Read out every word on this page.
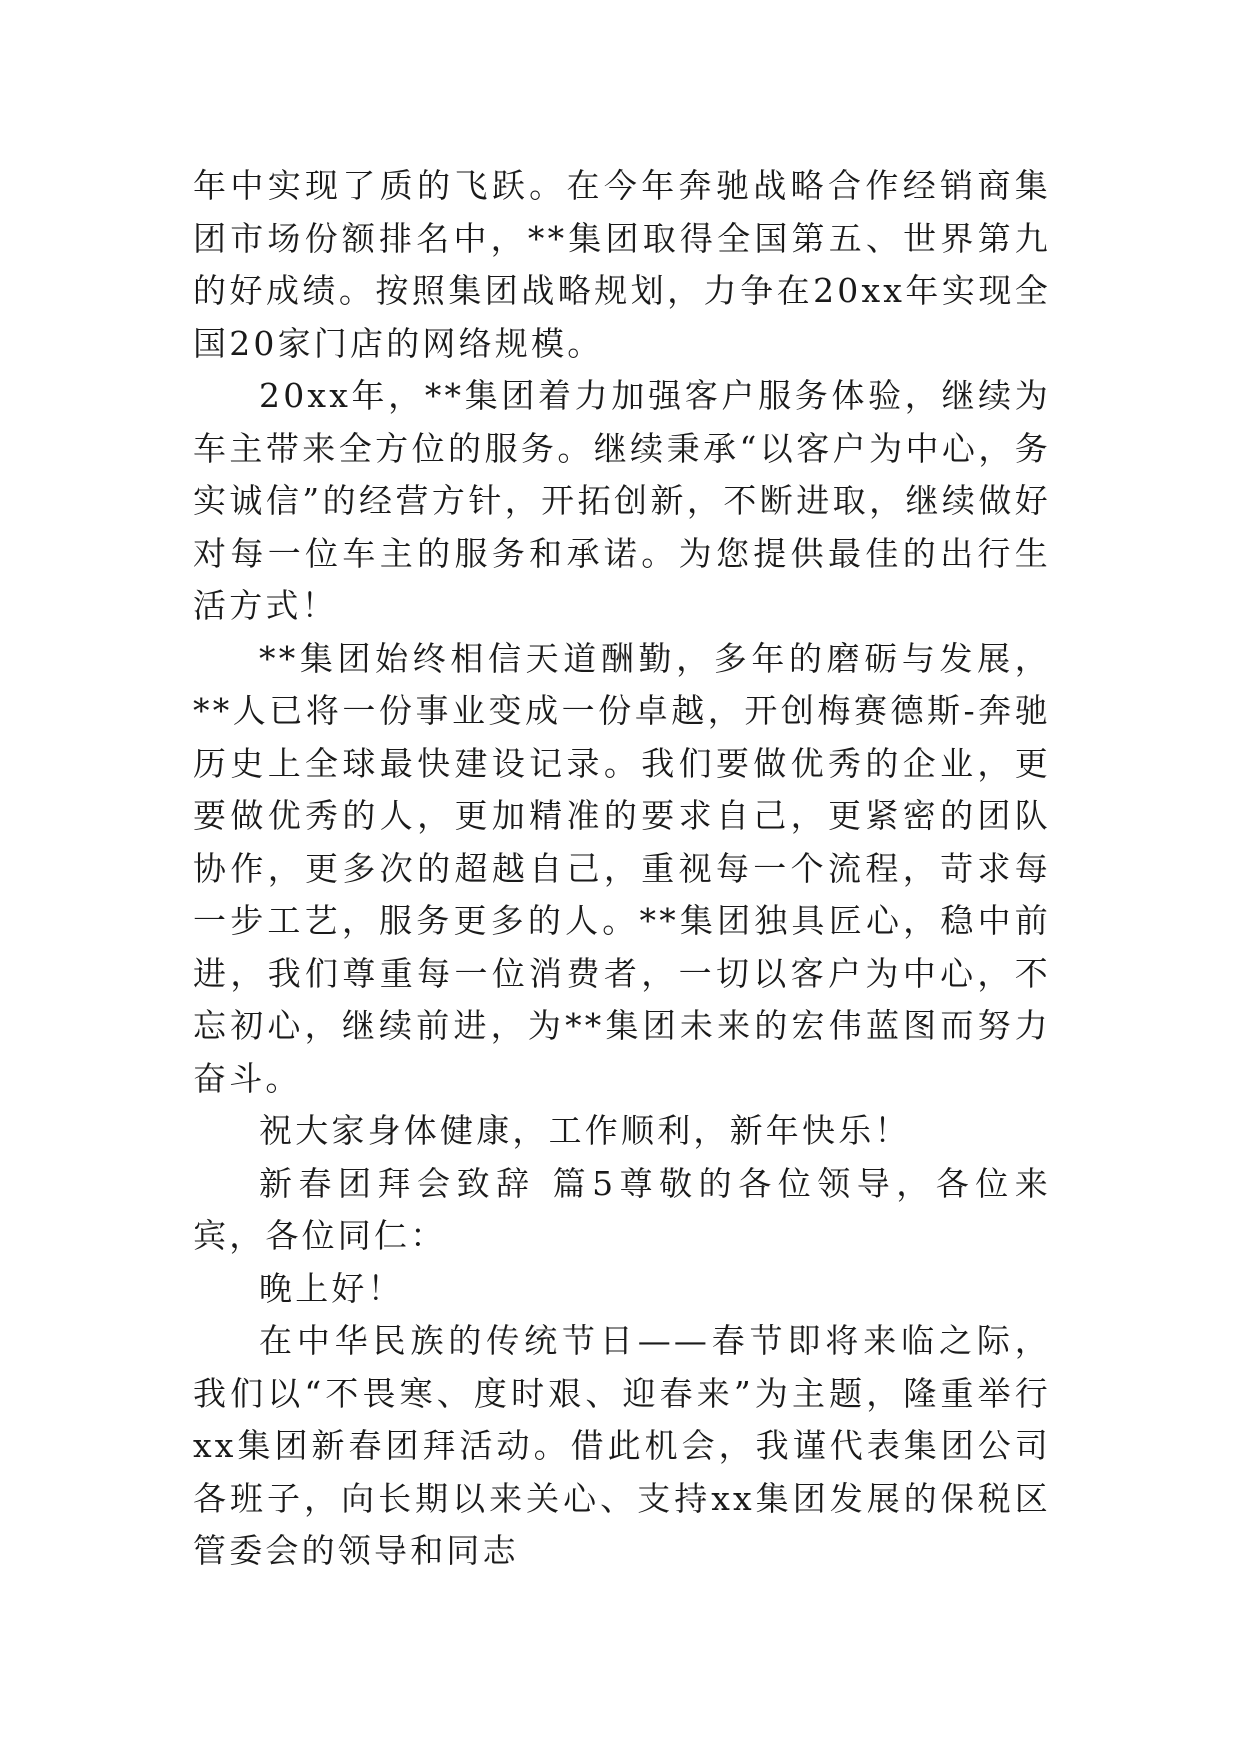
年中实现了质的飞跃。在今年奔驰战略合作经销商集团市场份额排名中，**集团取得全国第五、世界第九的好成绩。按照集团战略规划，力争在20xx年实现全国20家门店的网络规模。

20xx年，**集团着力加强客户服务体验，继续为车主带来全方位的服务。继续秉承“以客户为中心，务实诚信”的经营方针，开拓创新，不断进取，继续做好对每一位车主的服务和承诺。为您提供最佳的出行生活方式！

**集团始终相信天道酬勤，多年的磨砺与发展，**人已将一份事业变成一份卓越，开创梅赛德斯-奔驰历史上全球最快建设记录。我们要做优秀的企业，更要做优秀的人，更加精准的要求自己，更紧密的团队协作，更多次的超越自己，重视每一个流程，苛求每一步工艺，服务更多的人。**集团独具匠心，稳中前进，我们尊重每一位消费者，一切以客户为中心，不忘初心，继续前进，为**集团未来的宏伟蓝图而努力奋斗。

祝大家身体健康，工作顺利，新年快乐！

新春团拜会致辞 篇5尊敬的各位领导，各位来宾，各位同仁：

晚上好！

在中华民族的传统节日——春节即将来临之际，我们以“不畏寒、度时艰、迎春来”为主题，隆重举行xx集团新春团拜活动。借此机会，我谨代表集团公司各班子，向长期以来关心、支持xx集团发展的保税区管委会的领导和同志
